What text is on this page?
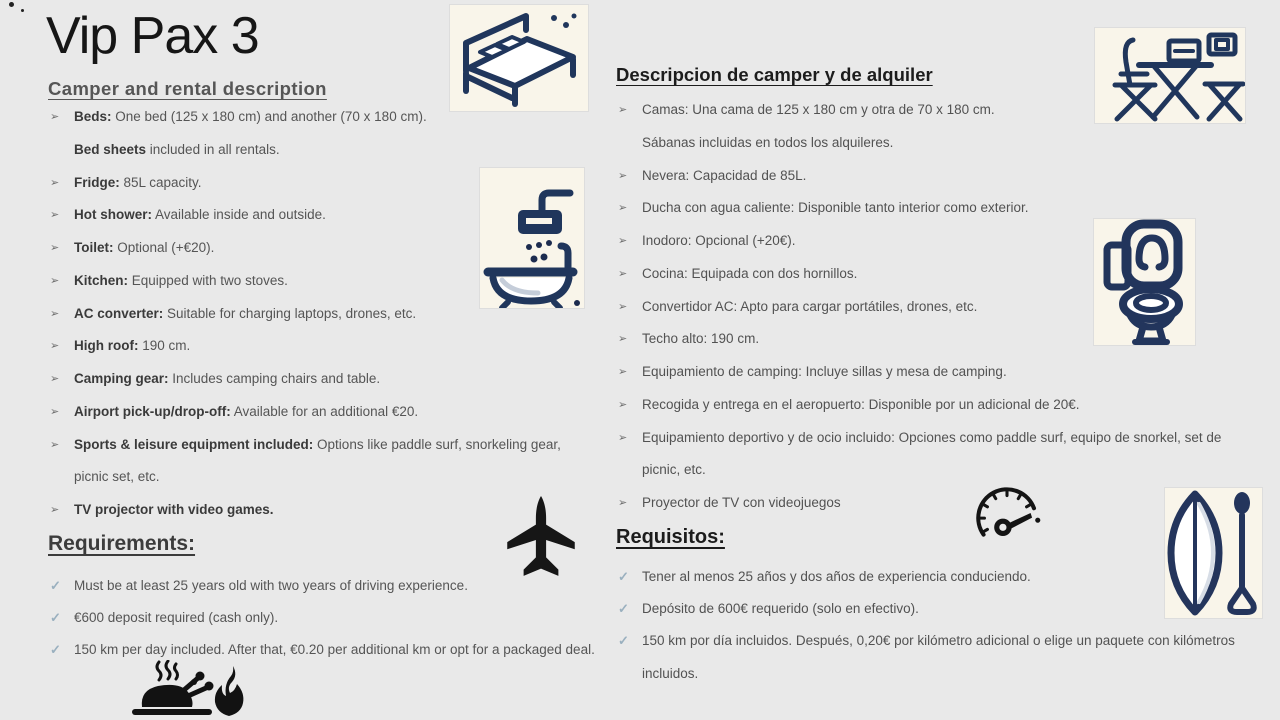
Vip Pax 3
Camper and rental description
➢ Beds: One bed (125 x 180 cm) and another (70 x 180 cm).
Bed sheets included in all rentals.
➢ Fridge: 85L capacity.
➢ Hot shower: Available inside and outside.
➢ Toilet: Optional (+€20).
➢ Kitchen: Equipped with two stoves.
➢ AC converter: Suitable for charging laptops, drones, etc.
➢ High roof: 190 cm.
➢ Camping gear: Includes camping chairs and table.
➢ Airport pick-up/drop-off: Available for an additional €20.
➢ Sports & leisure equipment included: Options like paddle surf, snorkeling gear, picnic set, etc.
➢ TV projector with video games.
Requirements:
✓ Must be at least 25 years old with two years of driving experience.
✓ €600 deposit required (cash only).
✓ 150 km per day included. After that, €0.20 per additional km or opt for a packaged deal.
Descripcion de camper y de alquiler
➢ Camas: Una cama de 125 x 180 cm y otra de 70 x 180 cm.
Sábanas incluidas en todos los alquileres.
➢ Nevera: Capacidad de 85L.
➢ Ducha con agua caliente: Disponible tanto interior como exterior.
➢ Inodoro: Opcional (+20€).
➢ Cocina: Equipada con dos hornillos.
➢ Convertidor AC: Apto para cargar portátiles, drones, etc.
➢ Techo alto: 190 cm.
➢ Equipamiento de camping: Incluye sillas y mesa de camping.
➢ Recogida y entrega en el aeropuerto: Disponible por un adicional de 20€.
➢ Equipamiento deportivo y de ocio incluido: Opciones como paddle surf, equipo de snorkel, set de picnic, etc.
➢ Proyector de TV con videojuegos
Requisitos:
✓ Tener al menos 25 años y dos años de experiencia conduciendo.
✓ Depósito de 600€ requerido (solo en efectivo).
✓ 150 km por día incluidos. Después, 0,20€ por kilómetro adicional o elige un paquete con kilómetros incluidos.
